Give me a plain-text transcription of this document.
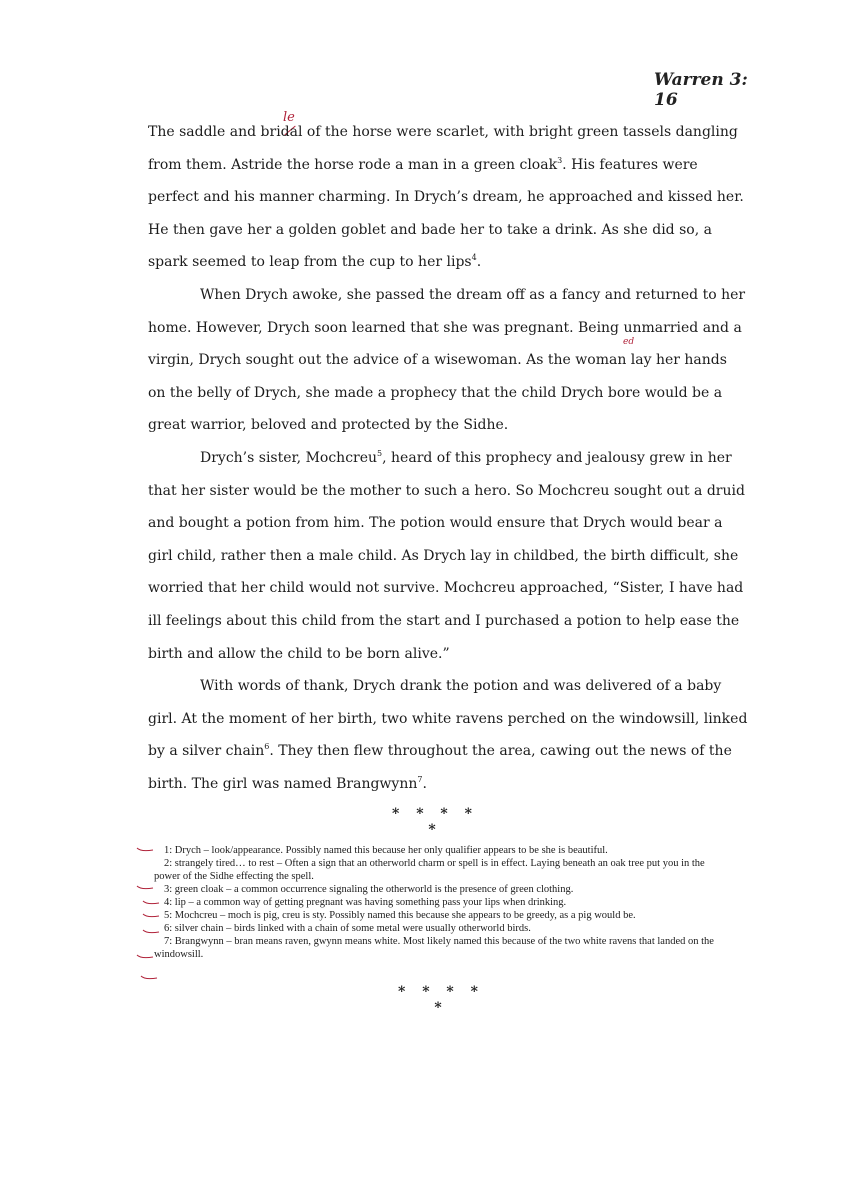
Warren 3: 16
le
ed

The saddle and bridal of the horse were scarlet, with bright green tassels dangling from them. Astride the horse rode a man in a green cloak$^3$. His features were perfect and his manner charming. In Drych’s dream, he approached and kissed her. He then gave her a golden goblet and bade her to take a drink. As she did so, a spark seemed to leap from the cup to her lips$^4$.

When Drych awoke, she passed the dream off as a fancy and returned to her home. However, Drych soon learned that she was pregnant. Being unmarried and a virgin, Drych sought out the advice of a wisewoman. As the woman lay her hands on the belly of Drych, she made a prophecy that the child Drych bore would be a great warrior, beloved and protected by the Sidhe.

Drych’s sister, Mochcreu$^5$, heard of this prophecy and jealousy grew in her that her sister would be the mother to such a hero. So Mochcreu sought out a druid and bought a potion from him. The potion would ensure that Drych would bear a girl child, rather then a male child. As Drych lay in childbed, the birth difficult, she worried that her child would not survive. Mochcreu approached, “Sister, I have had ill feelings about this child from the start and I purchased a potion to help ease the birth and allow the child to be born alive.”

With words of thank, Drych drank the potion and was delivered of a baby girl. At the moment of her birth, two white ravens perched on the windowsill, linked by a silver chain$^6$. They then flew throughout the area, cawing out the news of the birth. The girl was named Brangwynn$^7$.

* * * * *

1: Drych – look/appearance. Possibly named this because her only qualifier appears to be she is beautiful.

2: strangely tired… to rest – Often a sign that an otherworld charm or spell is in effect. Laying beneath an oak tree put you in the power of the Sidhe effecting the spell.

3: green cloak – a common occurrence signaling the otherworld is the presence of green clothing.

4: lip – a common way of getting pregnant was having something pass your lips when drinking.

5: Mochcreu – moch is pig, creu is sty. Possibly named this because she appears to be greedy, as a pig would be.

6: silver chain – birds linked with a chain of some metal were usually otherworld birds.

7: Brangwynn – bran means raven, gwynn means white. Most likely named this because of the two white ravens that landed on the windowsill.

* * * * *
